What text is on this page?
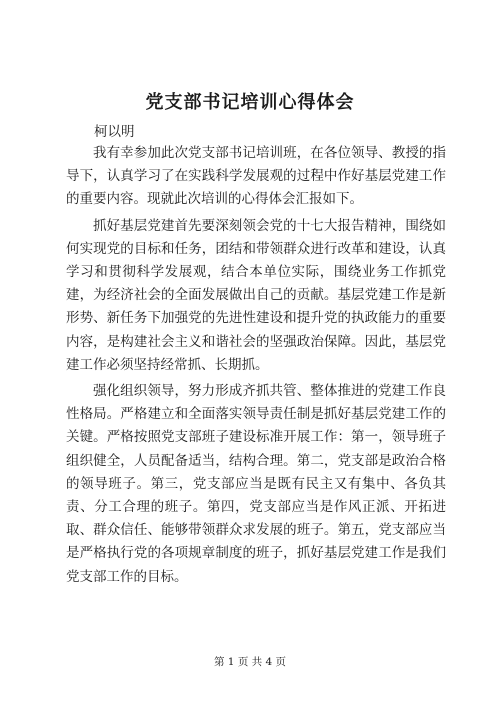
党支部书记培训心得体会
柯以明

我有幸参加此次党支部书记培训班，在各位领导、教授的指导下，认真学习了在实践科学发展观的过程中作好基层党建工作的重要内容。现就此次培训的心得体会汇报如下。

抓好基层党建首先要深刻领会党的十七大报告精神，围绕如何实现党的目标和任务，团结和带领群众进行改革和建设，认真学习和贯彻科学发展观，结合本单位实际，围绕业务工作抓党建，为经济社会的全面发展做出自己的贡献。基层党建工作是新形势、新任务下加强党的先进性建设和提升党的执政能力的重要内容，是构建社会主义和谐社会的坚强政治保障。因此，基层党建工作必须坚持经常抓、长期抓。

强化组织领导，努力形成齐抓共管、整体推进的党建工作良性格局。严格建立和全面落实领导责任制是抓好基层党建工作的关键。严格按照党支部班子建设标准开展工作：第一，领导班子组织健全，人员配备适当，结构合理。第二，党支部是政治合格的领导班子。第三，党支部应当是既有民主又有集中、各负其责、分工合理的班子。第四，党支部应当是作风正派、开拓进取、群众信任、能够带领群众求发展的班子。第五，党支部应当是严格执行党的各项规章制度的班子，抓好基层党建工作是我们党支部工作的目标。

第 1 页 共 4 页
